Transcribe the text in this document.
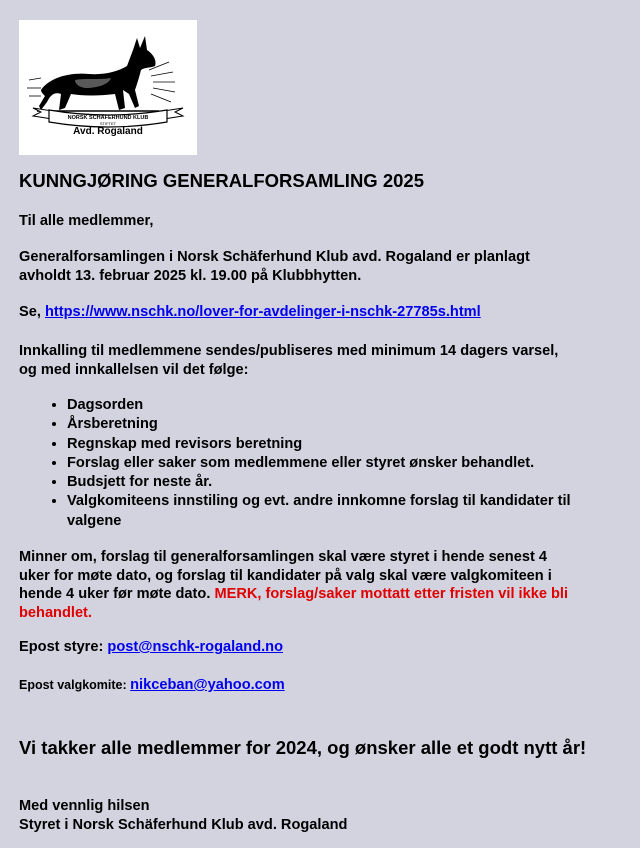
NORSK SCHÄFERHUND KLUB
STIFTET
Avd. Rogaland
KUNNGJØRING GENERALFORSAMLING 2025

Til alle medlemmer,

Generalforsamlingen i Norsk Schäferhund Klub avd. Rogaland er planlagt
avholdt 13. februar 2025 kl. 19.00 på Klubbhytten.

Se, https://www.nschk.no/lover-for-avdelinger-i-nschk-27785s.html

Innkalling til medlemmene sendes/publiseres med minimum 14 dagers varsel,
og med innkallelsen vil det følge:
• Dagsorden
• Årsberetning
• Regnskap med revisors beretning
• Forslag eller saker som medlemmene eller styret ønsker behandlet.
• Budsjett for neste år.
• Valgkomiteens innstiling og evt. andre innkomne forslag til kandidater til valgene
Minner om, forslag til generalforsamlingen skal være styret i hende senest 4
uker for møte dato, og forslag til kandidater på valg skal være valgkomiteen i
hende 4 uker før møte dato. MERK, forslag/saker mottatt etter fristen vil ikke bli
behandlet.

Epost styre: post@nschk-rogaland.no

Epost valgkomite: nikceban@yahoo.com

Vi takker alle medlemmer for 2024, og ønsker alle et godt nytt år!

Med vennlig hilsen
Styret i Norsk Schäferhund Klub avd. Rogaland
